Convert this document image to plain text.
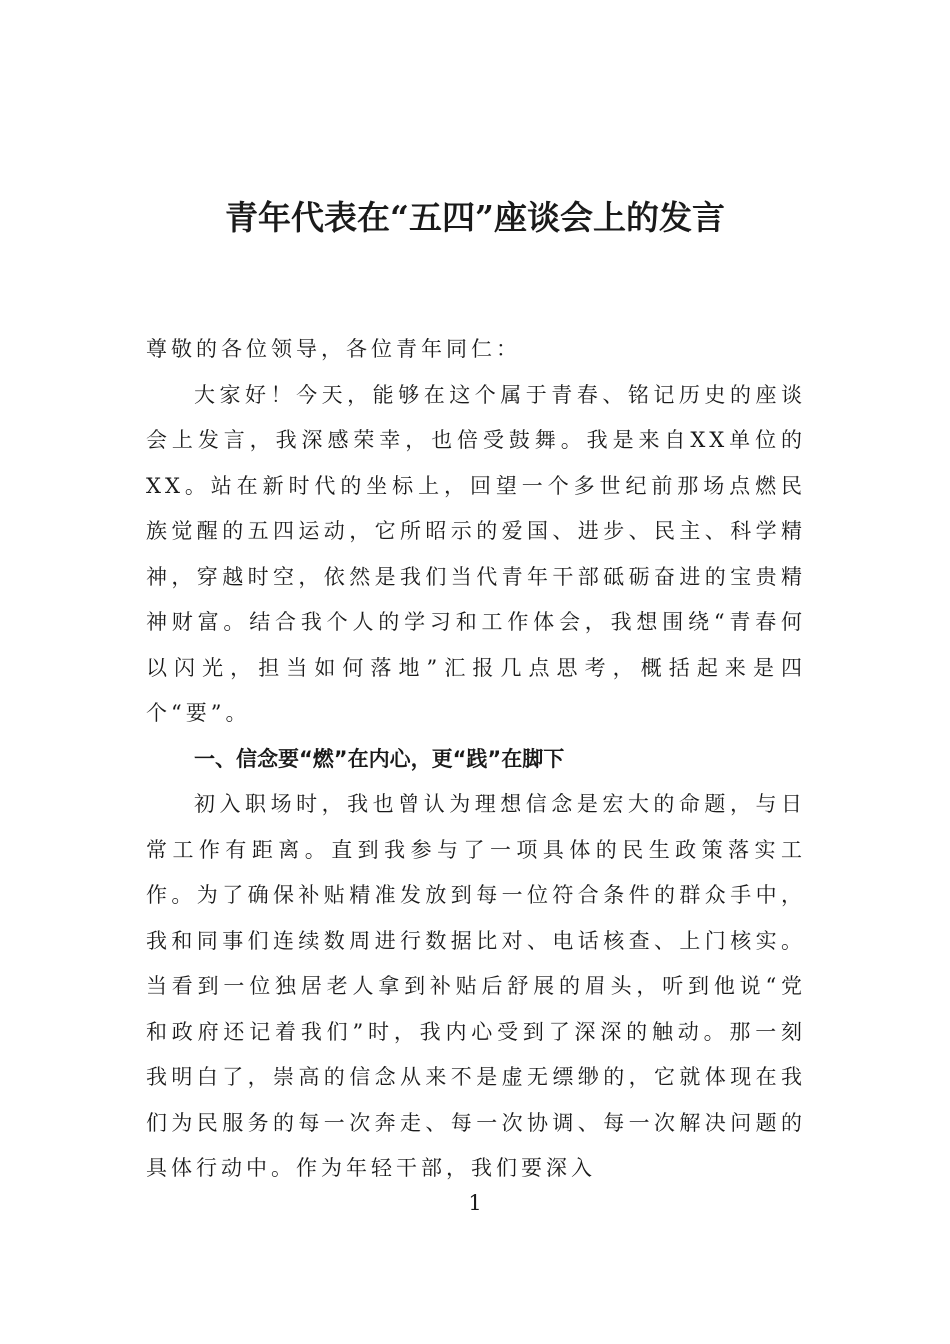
青年代表在“五四”座谈会上的发言

尊敬的各位领导，各位青年同仁：

大家好！今天，能够在这个属于青春、铭记历史的座谈会上发言，我深感荣幸，也倍受鼓舞。我是来自XX单位的XX。站在新时代的坐标上，回望一个多世纪前那场点燃民族觉醒的五四运动，它所昭示的爱国、进步、民主、科学精神，穿越时空，依然是我们当代青年干部砥砺奋进的宝贵精神财富。结合我个人的学习和工作体会，我想围绕“青春何以闪光，担当如何落地”汇报几点思考，概括起来是四个“要”。

一、信念要“燃”在内心，更“践”在脚下

初入职场时，我也曾认为理想信念是宏大的命题，与日常工作有距离。直到我参与了一项具体的民生政策落实工作。为了确保补贴精准发放到每一位符合条件的群众手中，我和同事们连续数周进行数据比对、电话核查、上门核实。当看到一位独居老人拿到补贴后舒展的眉头，听到他说“党和政府还记着我们”时，我内心受到了深深的触动。那一刻我明白了，崇高的信念从来不是虚无缥缈的，它就体现在我们为民服务的每一次奔走、每一次协调、每一次解决问题的具体行动中。作为年轻干部，我们要深入

1
